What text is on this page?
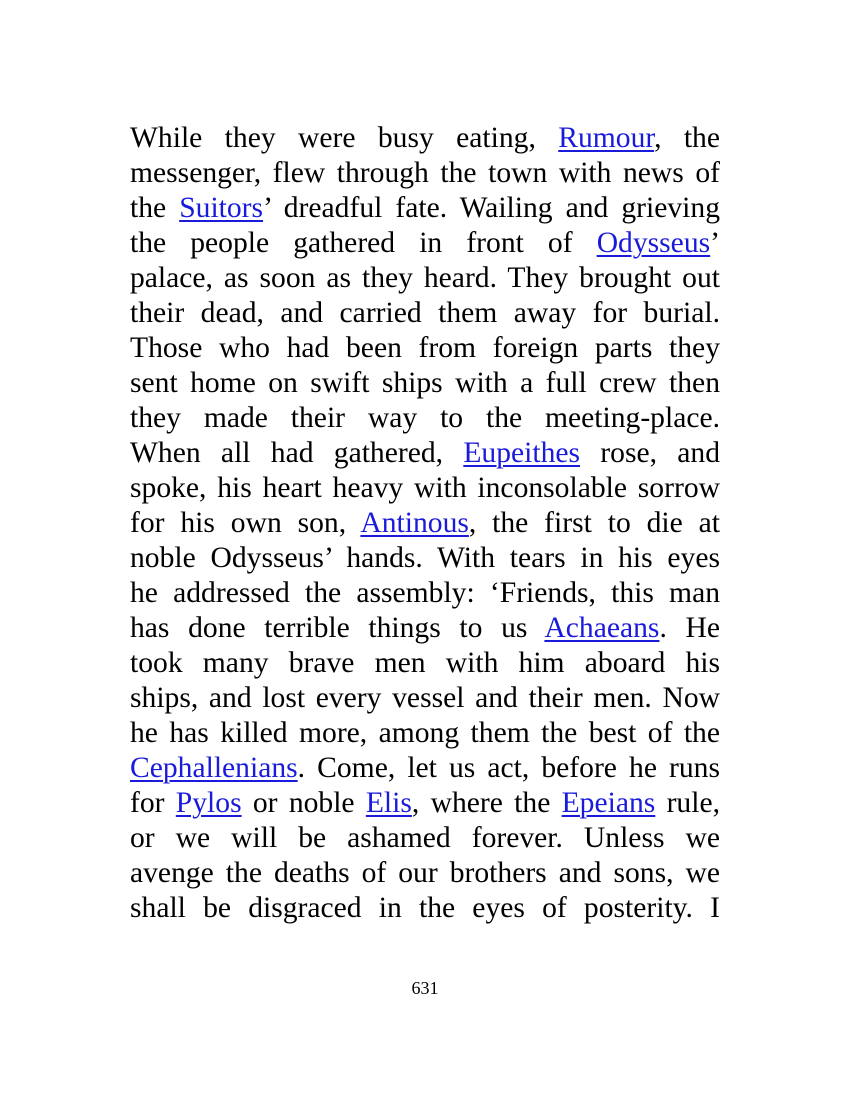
While they were busy eating, Rumour, the
messenger, flew through the town with news of
the Suitors’ dreadful fate. Wailing and grieving
the people gathered in front of Odysseus’
palace, as soon as they heard. They brought out
their dead, and carried them away for burial.
Those who had been from foreign parts they
sent home on swift ships with a full crew then
they made their way to the meeting-place.
When all had gathered, Eupeithes rose, and
spoke, his heart heavy with inconsolable sorrow
for his own son, Antinous, the first to die at
noble Odysseus’ hands. With tears in his eyes
he addressed the assembly: ‘Friends, this man
has done terrible things to us Achaeans. He
took many brave men with him aboard his
ships, and lost every vessel and their men. Now
he has killed more, among them the best of the
Cephallenians. Come, let us act, before he runs
for Pylos or noble Elis, where the Epeians rule,
or we will be ashamed forever. Unless we
avenge the deaths of our brothers and sons, we
shall be disgraced in the eyes of posterity. I
631
